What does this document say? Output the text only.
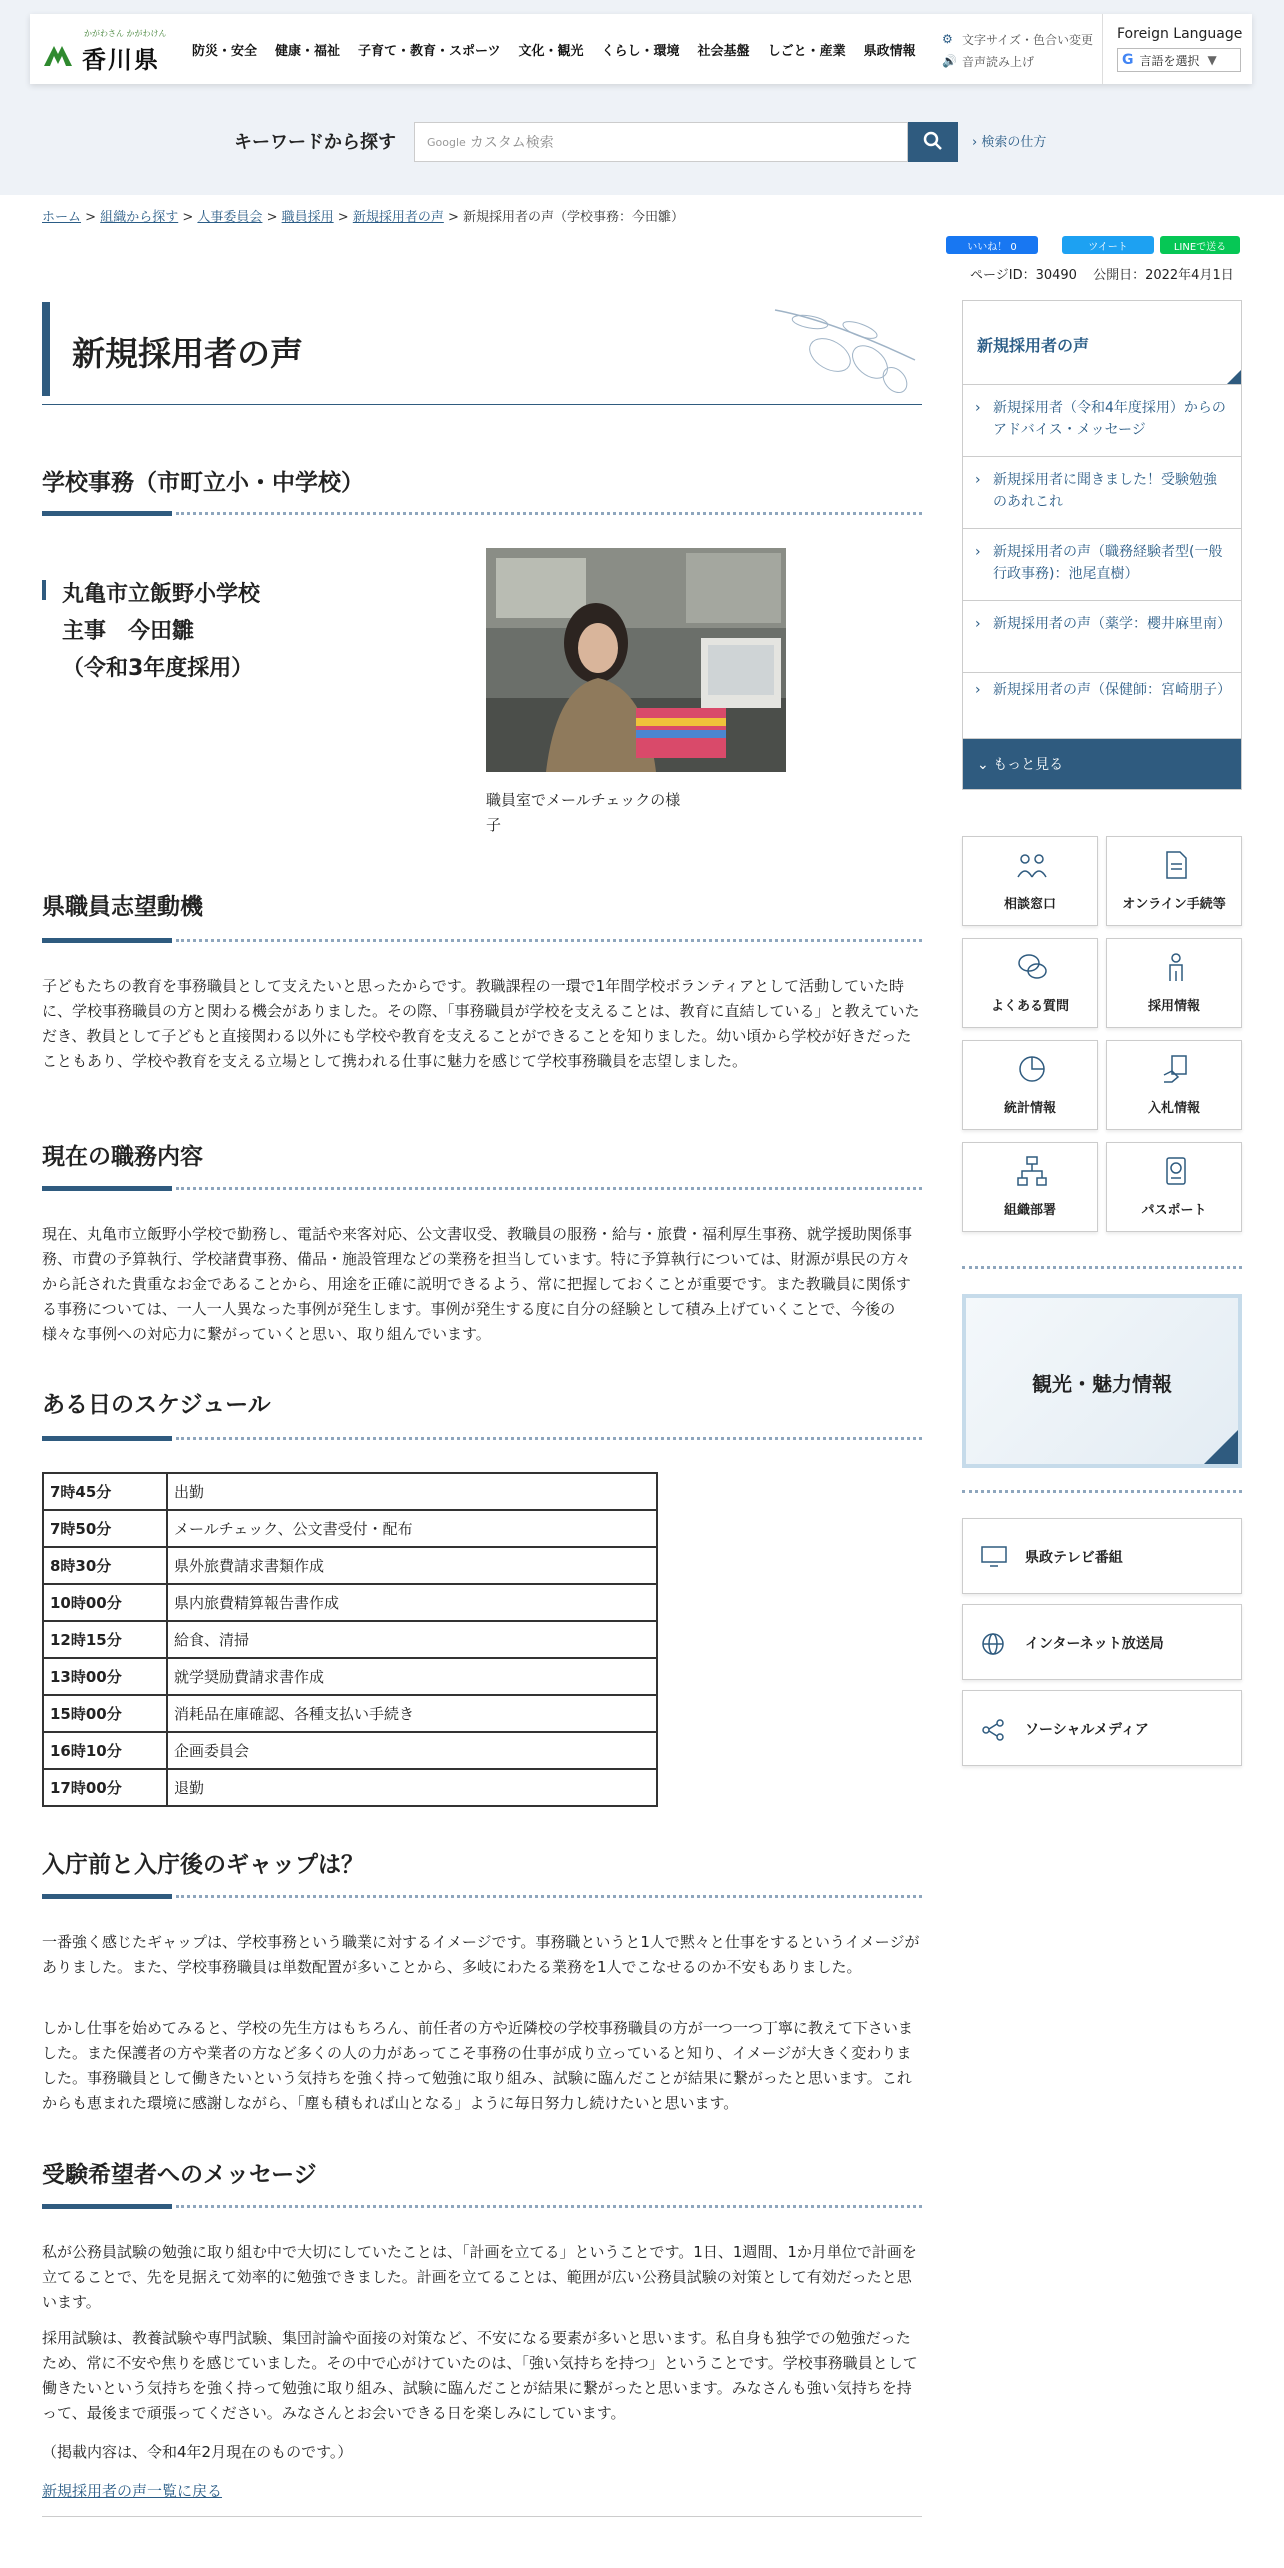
かがわさん かがわけん
香川県 防災・安全 健康・福祉 子育て・教育・スポーツ 文化・観光 くらし・環境 社会基盤 しごと・産業 県政情報
⚙ 文字サイズ・色合い変更
🔊 音声読み上げ
Foreign Language
G 言語を選択 ▼
キーワードから探す	Google カスタム検索	› 検索の仕方
ホーム > 組織から探す > 人事委員会 > 職員採用 > 新規採用者の声 > 新規採用者の声（学校事務：今田雛）
いいね！ 0	ツイート	LINEで送る
ページID：30490 公開日：2022年4月1日
新規採用者の声
学校事務（市町立小・中学校）
丸亀市立飯野小学校
主事　今田雛
（令和3年度採用）
職員室でメールチェックの様子
県職員志望動機

子どもたちの教育を事務職員として支えたいと思ったからです。教職課程の一環で1年間学校ボランティアとして活動していた時に、学校事務職員の方と関わる機会がありました。その際、「事務職員が学校を支えることは、教育に直結している」と教えていただき、教員として子どもと直接関わる以外にも学校や教育を支えることができることを知りました。幼い頃から学校が好きだったこともあり、学校や教育を支える立場として携われる仕事に魅力を感じて学校事務職員を志望しました。

現在の職務内容

現在、丸亀市立飯野小学校で勤務し、電話や来客対応、公文書収受、教職員の服務・給与・旅費・福利厚生事務、就学援助関係事務、市費の予算執行、学校諸費事務、備品・施設管理などの業務を担当しています。特に予算執行については、財源が県民の方々から託された貴重なお金であることから、用途を正確に説明できるよう、常に把握しておくことが重要です。また教職員に関係する事務については、一人一人異なった事例が発生します。事例が発生する度に自分の経験として積み上げていくことで、今後の様々な事例への対応力に繋がっていくと思い、取り組んでいます。

ある日のスケジュール
7時45分	出勤
7時50分	メールチェック、公文書受付・配布
8時30分	県外旅費請求書類作成
10時00分	県内旅費精算報告書作成
12時15分	給食、清掃
13時00分	就学奨励費請求書作成
15時00分	消耗品在庫確認、各種支払い手続き
16時10分	企画委員会
17時00分	退勤
入庁前と入庁後のギャップは？

一番強く感じたギャップは、学校事務という職業に対するイメージです。事務職というと1人で黙々と仕事をするというイメージがありました。また、学校事務職員は単数配置が多いことから、多岐にわたる業務を1人でこなせるのか不安もありました。

しかし仕事を始めてみると、学校の先生方はもちろん、前任者の方や近隣校の学校事務職員の方が一つ一つ丁寧に教えて下さいました。また保護者の方や業者の方など多くの人の力があってこそ事務の仕事が成り立っていると知り、イメージが大きく変わりました。事務職員として働きたいという気持ちを強く持って勉強に取り組み、試験に臨んだことが結果に繋がったと思います。これからも恵まれた環境に感謝しながら、「塵も積もれば山となる」ように毎日努力し続けたいと思います。

受験希望者へのメッセージ

私が公務員試験の勉強に取り組む中で大切にしていたことは、「計画を立てる」ということです。1日、1週間、1か月単位で計画を立てることで、先を見据えて効率的に勉強できました。計画を立てることは、範囲が広い公務員試験の対策として有効だったと思います。

採用試験は、教養試験や専門試験、集団討論や面接の対策など、不安になる要素が多いと思います。私自身も独学での勉強だったため、常に不安や焦りを感じていました。その中で心がけていたのは、「強い気持ちを持つ」ということです。学校事務職員として働きたいという気持ちを強く持って勉強に取り組み、試験に臨んだことが結果に繋がったと思います。みなさんも強い気持ちを持って、最後まで頑張ってください。みなさんとお会いできる日を楽しみにしています。

（掲載内容は、令和4年2月現在のものです。）

新規採用者の声一覧に戻る
新規採用者の声
› 新規採用者（令和4年度採用）からのアドバイス・メッセージ
› 新規採用者に聞きました！受験勉強のあれこれ
› 新規採用者の声（職務経験者型(一般行政事務)：池尾直樹）
› 新規採用者の声（薬学：櫻井麻里南）
› 新規採用者の声（保健師：宮崎朋子）
⌄ もっと見る
相談窓口	オンライン手続等
よくある質問	採用情報
統計情報	入札情報
組織部署	パスポート
観光・魅力情報
県政テレビ番組
インターネット放送局
ソーシャルメディア
